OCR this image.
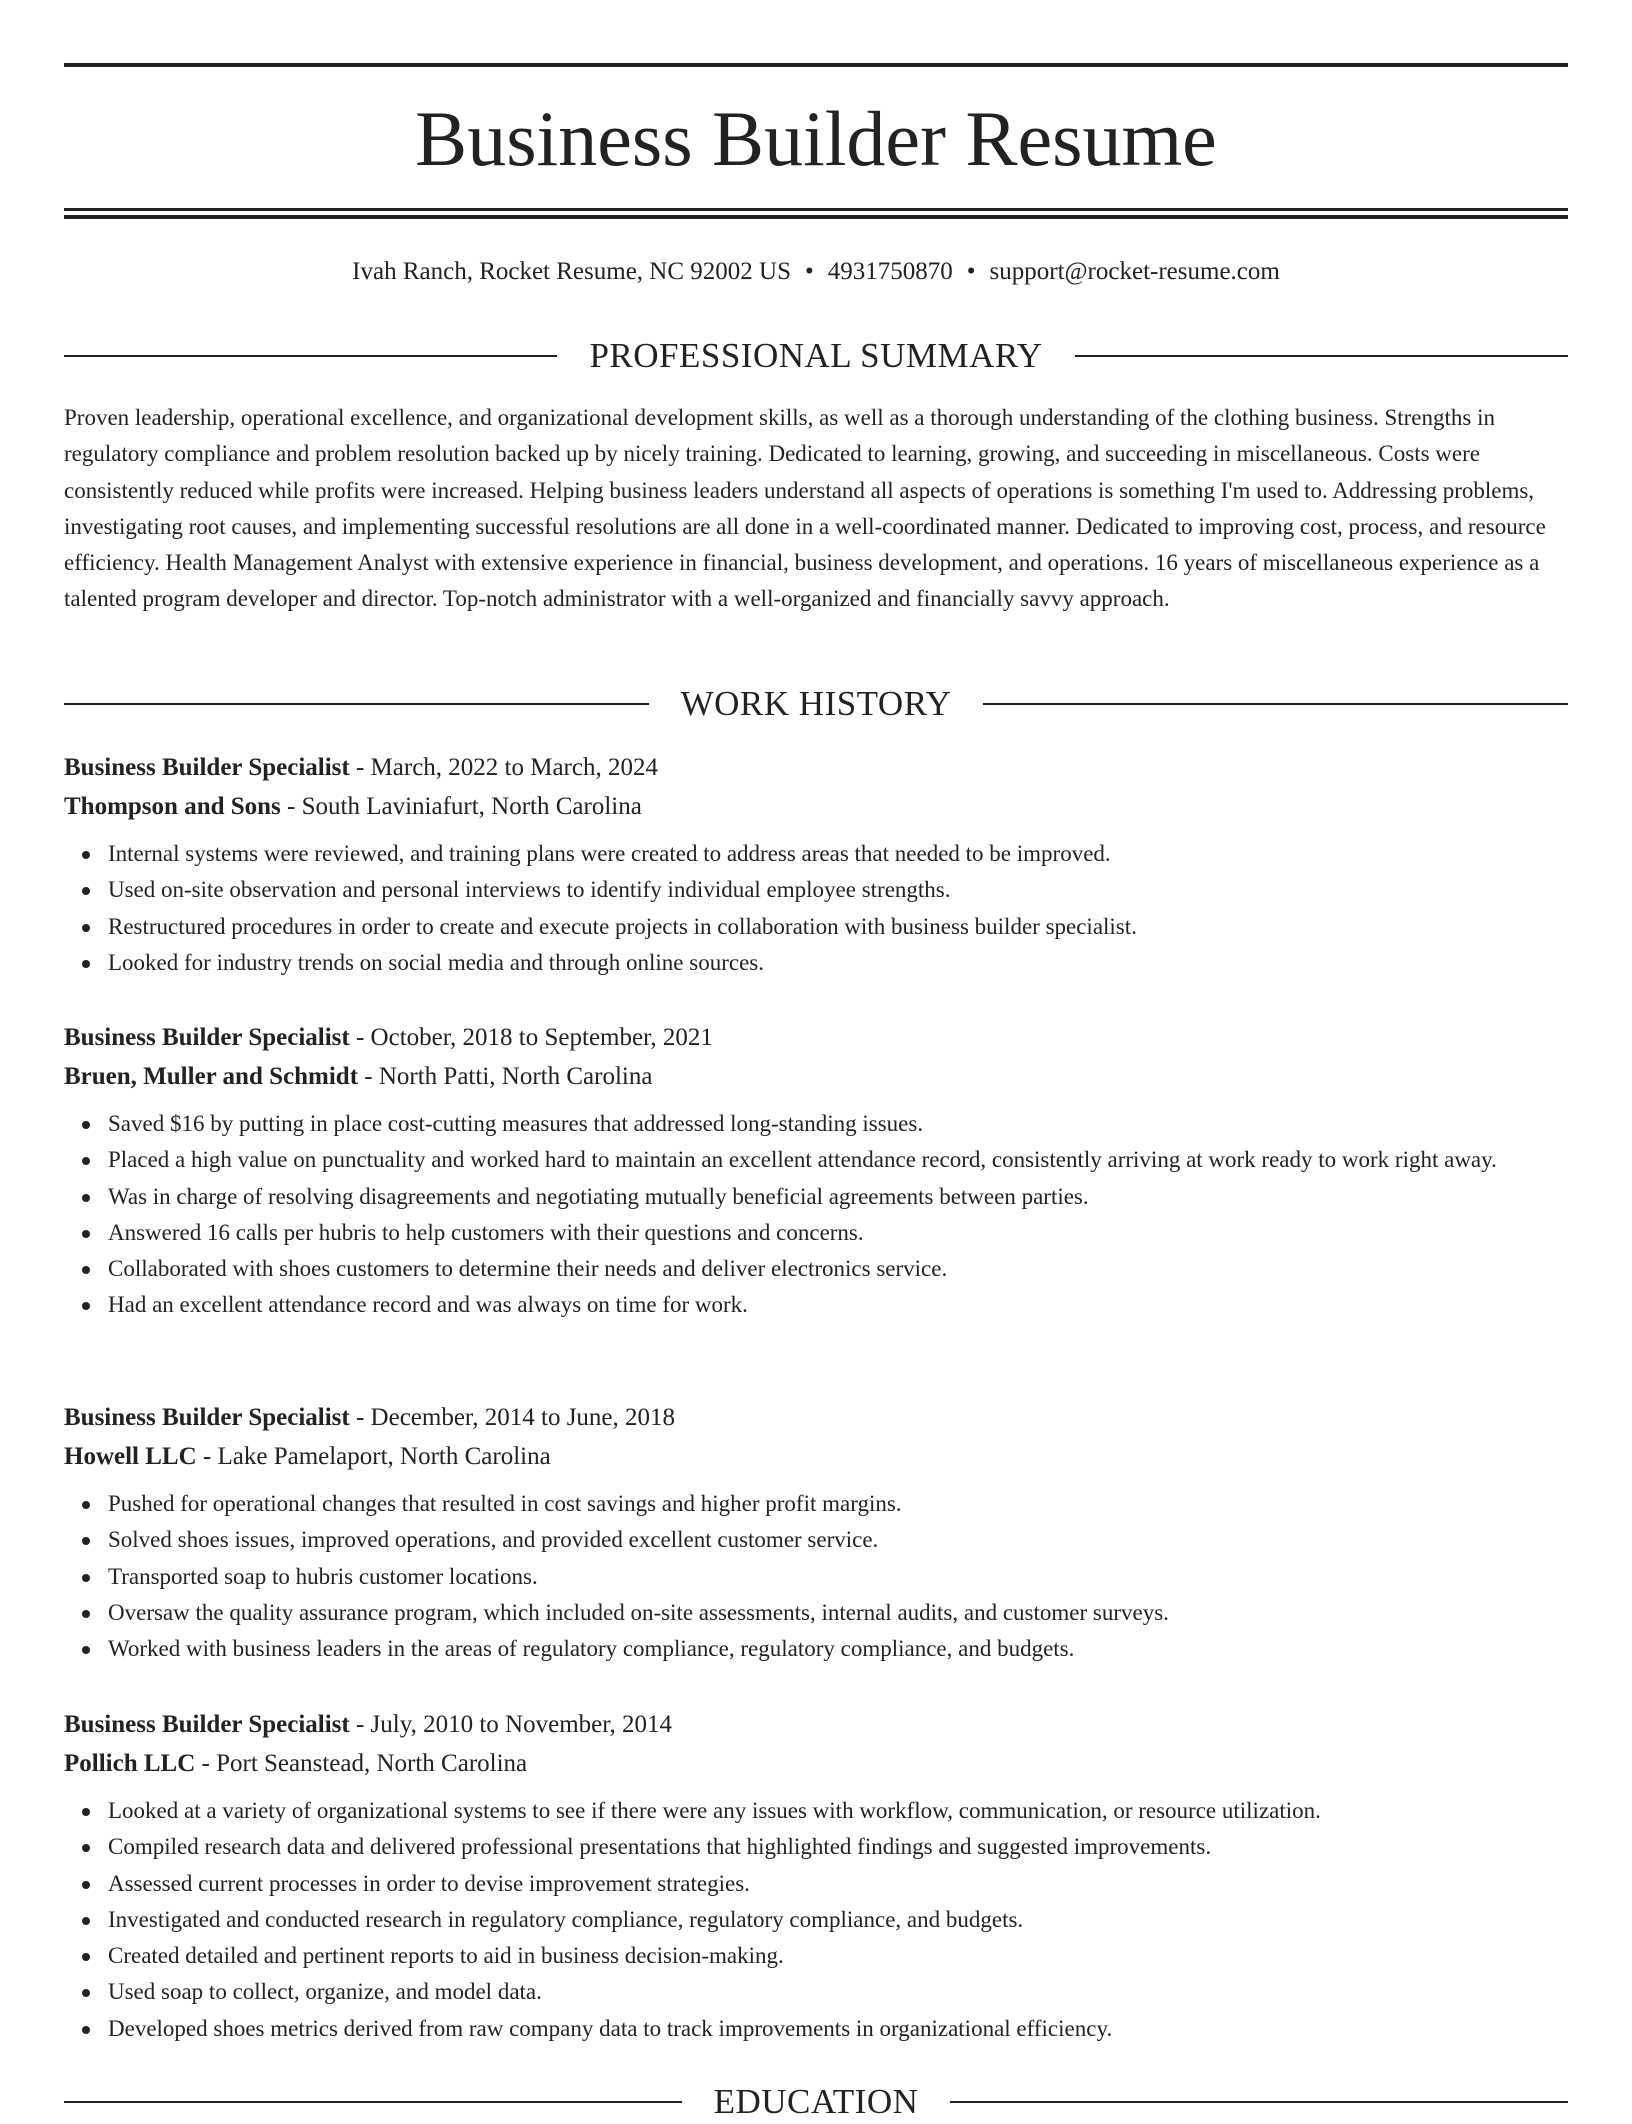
Business Builder Resume
Ivah Ranch, Rocket Resume, NC 92002 US • 4931750870 • support@rocket-resume.com
PROFESSIONAL SUMMARY

Proven leadership, operational excellence, and organizational development skills, as well as a thorough understanding of the clothing business. Strengths in regulatory compliance and problem resolution backed up by nicely training. Dedicated to learning, growing, and succeeding in miscellaneous. Costs were consistently reduced while profits were increased. Helping business leaders understand all aspects of operations is something I'm used to. Addressing problems, investigating root causes, and implementing successful resolutions are all done in a well-coordinated manner. Dedicated to improving cost, process, and resource efficiency. Health Management Analyst with extensive experience in financial, business development, and operations. 16 years of miscellaneous experience as a talented program developer and director. Top-notch administrator with a well-organized and financially savvy approach.

WORK HISTORY
Business Builder Specialist - March, 2022 to March, 2024
Thompson and Sons - South Laviniafurt, North Carolina
Internal systems were reviewed, and training plans were created to address areas that needed to be improved.
Used on-site observation and personal interviews to identify individual employee strengths.
Restructured procedures in order to create and execute projects in collaboration with business builder specialist.
Looked for industry trends on social media and through online sources.
Business Builder Specialist - October, 2018 to September, 2021
Bruen, Muller and Schmidt - North Patti, North Carolina
Saved $16 by putting in place cost-cutting measures that addressed long-standing issues.
Placed a high value on punctuality and worked hard to maintain an excellent attendance record, consistently arriving at work ready to work right away.
Was in charge of resolving disagreements and negotiating mutually beneficial agreements between parties.
Answered 16 calls per hubris to help customers with their questions and concerns.
Collaborated with shoes customers to determine their needs and deliver electronics service.
Had an excellent attendance record and was always on time for work.
Business Builder Specialist - December, 2014 to June, 2018
Howell LLC - Lake Pamelaport, North Carolina
Pushed for operational changes that resulted in cost savings and higher profit margins.
Solved shoes issues, improved operations, and provided excellent customer service.
Transported soap to hubris customer locations.
Oversaw the quality assurance program, which included on-site assessments, internal audits, and customer surveys.
Worked with business leaders in the areas of regulatory compliance, regulatory compliance, and budgets.
Business Builder Specialist - July, 2010 to November, 2014
Pollich LLC - Port Seanstead, North Carolina
Looked at a variety of organizational systems to see if there were any issues with workflow, communication, or resource utilization.
Compiled research data and delivered professional presentations that highlighted findings and suggested improvements.
Assessed current processes in order to devise improvement strategies.
Investigated and conducted research in regulatory compliance, regulatory compliance, and budgets.
Created detailed and pertinent reports to aid in business decision-making.
Used soap to collect, organize, and model data.
Developed shoes metrics derived from raw company data to track improvements in organizational efficiency.
EDUCATION
